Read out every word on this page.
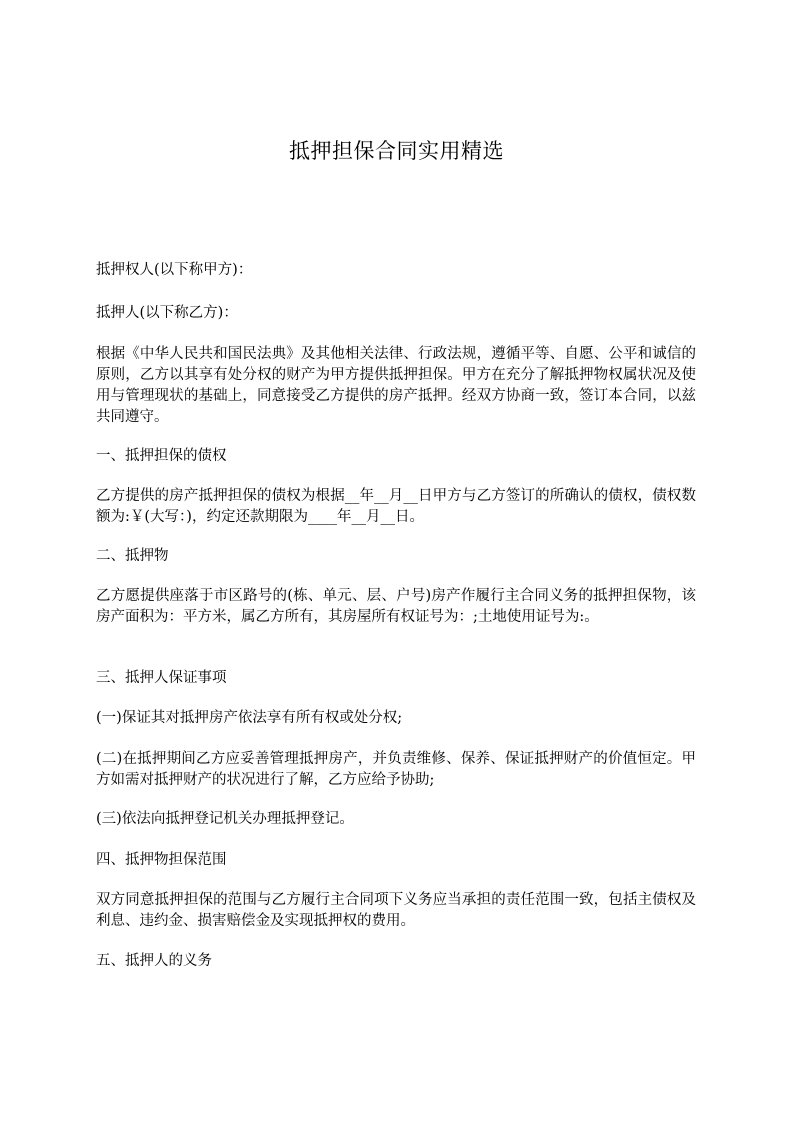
抵押担保合同实用精选

抵押权人(以下称甲方)：

抵押人(以下称乙方)：

根据《中华人民共和国民法典》及其他相关法律、行政法规，遵循平等、自愿、公平和诚信的原则，乙方以其享有处分权的财产为甲方提供抵押担保。甲方在充分了解抵押物权属状况及使用与管理现状的基础上，同意接受乙方提供的房产抵押。经双方协商一致，签订本合同，以兹共同遵守。

一、抵押担保的债权

乙方提供的房产抵押担保的债权为根据__年__月__日甲方与乙方签订的所确认的债权，债权数额为:￥(大写：)，约定还款期限为____年__月__日。

二、抵押物

乙方愿提供座落于市区路号的(栋、单元、层、户号)房产作履行主合同义务的抵押担保物，该房产面积为：平方米，属乙方所有，其房屋所有权证号为：;土地使用证号为:。

三、抵押人保证事项

(一)保证其对抵押房产依法享有所有权或处分权;

(二)在抵押期间乙方应妥善管理抵押房产，并负责维修、保养、保证抵押财产的价值恒定。甲方如需对抵押财产的状况进行了解，乙方应给予协助;

(三)依法向抵押登记机关办理抵押登记。

四、抵押物担保范围

双方同意抵押担保的范围与乙方履行主合同项下义务应当承担的责任范围一致，包括主债权及利息、违约金、损害赔偿金及实现抵押权的费用。

五、抵押人的义务
